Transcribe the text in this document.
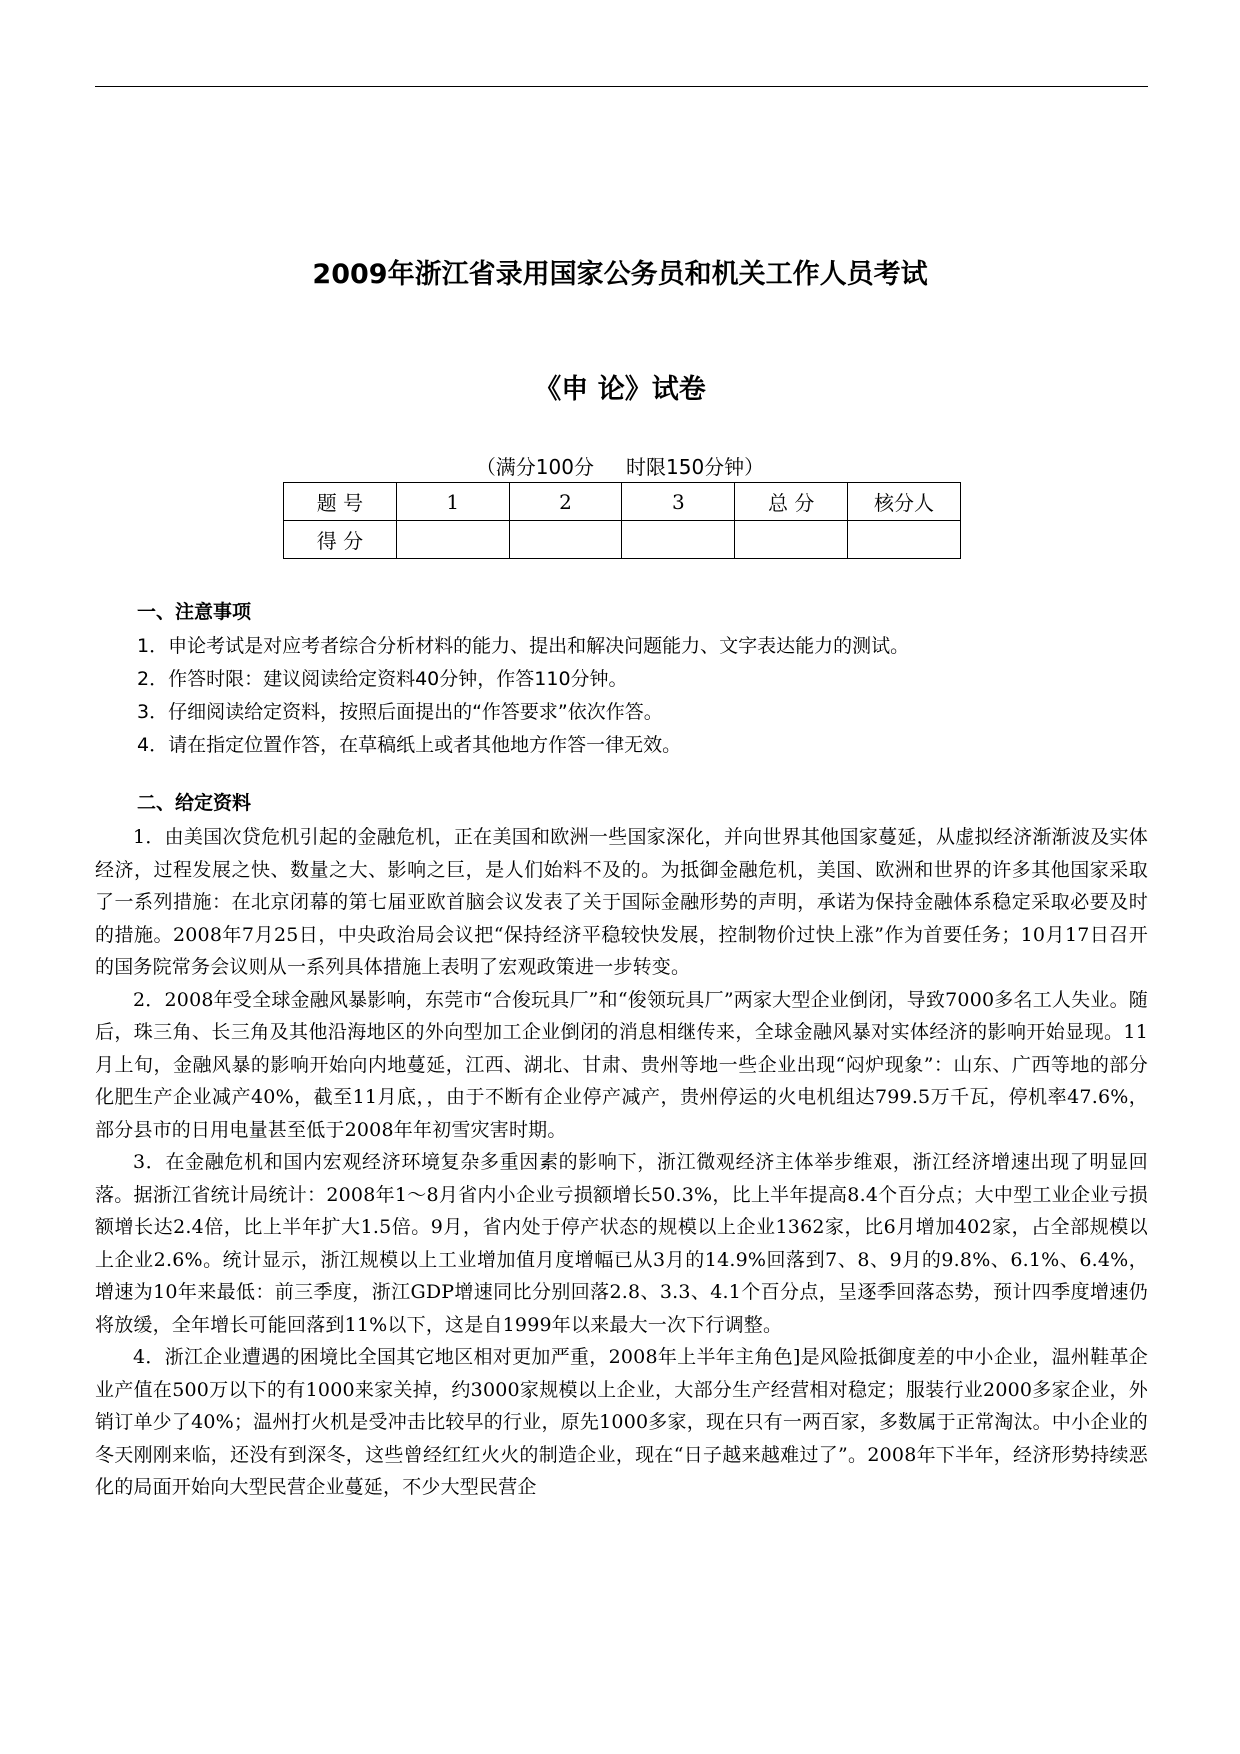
2009年浙江省录用国家公务员和机关工作人员考试
《申 论》试卷
（满分100分 时限150分钟）
题 号	1	2	3	总 分	核分人
得 分					
一、注意事项
1．申论考试是对应考者综合分析材料的能力、提出和解决问题能力、文字表达能力的测试。
2．作答时限：建议阅读给定资料40分钟，作答110分钟。
3．仔细阅读给定资料，按照后面提出的“作答要求”依次作答。
4．请在指定位置作答，在草稿纸上或者其他地方作答一律无效。
二、给定资料

1．由美国次贷危机引起的金融危机，正在美国和欧洲一些国家深化，并向世界其他国家蔓延，从虚拟经济渐渐波及实体经济，过程发展之快、数量之大、影响之巨，是人们始料不及的。为抵御金融危机，美国、欧洲和世界的许多其他国家采取了一系列措施：在北京闭幕的第七届亚欧首脑会议发表了关于国际金融形势的声明，承诺为保持金融体系稳定采取必要及时的措施。2008年7月25日，中央政治局会议把“保持经济平稳较快发展，控制物价过快上涨”作为首要任务；10月17日召开的国务院常务会议则从一系列具体措施上表明了宏观政策进一步转变。

2．2008年受全球金融风暴影响，东莞市“合俊玩具厂”和“俊领玩具厂”两家大型企业倒闭，导致7000多名工人失业。随后，珠三角、长三角及其他沿海地区的外向型加工企业倒闭的消息相继传来，全球金融风暴对实体经济的影响开始显现。11月上旬，金融风暴的影响开始向内地蔓延，江西、湖北、甘肃、贵州等地一些企业出现“闷炉现象”：山东、广西等地的部分化肥生产企业减产40%，截至11月底，，由于不断有企业停产减产，贵州停运的火电机组达799.5万千瓦，停机率47.6%，部分县市的日用电量甚至低于2008年年初雪灾害时期。

3．在金融危机和国内宏观经济环境复杂多重因素的影响下，浙江微观经济主体举步维艰，浙江经济增速出现了明显回落。据浙江省统计局统计：2008年1～8月省内小企业亏损额增长50.3%，比上半年提高8.4个百分点；大中型工业企业亏损额增长达2.4倍，比上半年扩大1.5倍。9月，省内处于停产状态的规模以上企业1362家，比6月增加402家，占全部规模以上企业2.6%。统计显示，浙江规模以上工业增加值月度增幅已从3月的14.9%回落到7、8、9月的9.8%、6.1%、6.4%，增速为10年来最低：前三季度，浙江GDP增速同比分别回落2.8、3.3、4.1个百分点，呈逐季回落态势，预计四季度增速仍将放缓，全年增长可能回落到11%以下，这是自1999年以来最大一次下行调整。

4．浙江企业遭遇的困境比全国其它地区相对更加严重，2008年上半年主角色]是风险抵御度差的中小企业，温州鞋革企业产值在500万以下的有1000来家关掉，约3000家规模以上企业，大部分生产经营相对稳定；服装行业2000多家企业，外销订单少了40%；温州打火机是受冲击比较早的行业，原先1000多家，现在只有一两百家，多数属于正常淘汰。中小企业的冬天刚刚来临，还没有到深冬，这些曾经红红火火的制造企业，现在“日子越来越难过了”。2008年下半年，经济形势持续恶化的局面开始向大型民营企业蔓延，不少大型民营企
